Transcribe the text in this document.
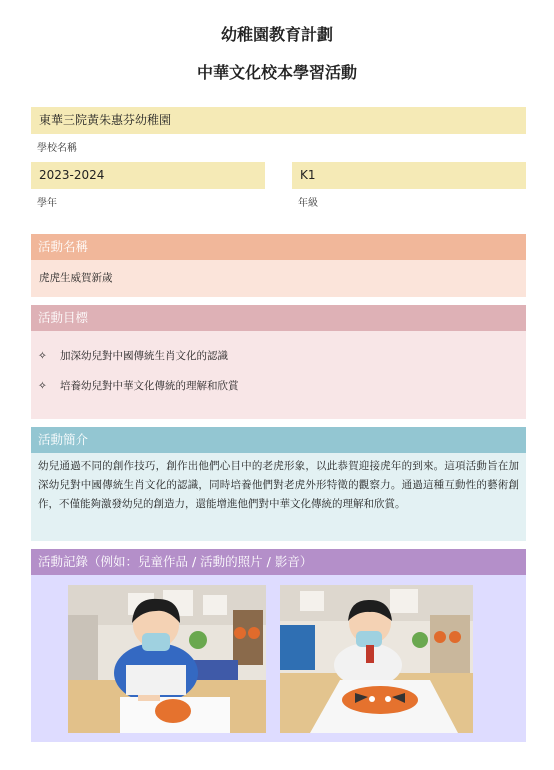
幼稚園教育計劃
中華文化校本學習活動
東華三院黃朱惠芬幼稚園
學校名稱
2023-2024
學年
K1
年級
活動名稱
虎虎生威賀新歲
活動目標
✧ 加深幼兒對中國傳統生肖文化的認識
✧ 培養幼兒對中華文化傳統的理解和欣賞
活動簡介
幼兒通過不同的創作技巧，創作出他們心目中的老虎形象，以此恭賀迎接虎年的到來。這項活動旨在加深幼兒對中國傳統生肖文化的認識，同時培養他們對老虎外形特徵的觀察力。通過這種互動性的藝術創作，不僅能夠激發幼兒的創造力，還能增進他們對中華文化傳統的理解和欣賞。
活動記錄（例如：兒童作品 / 活動的照片 / 影音）
